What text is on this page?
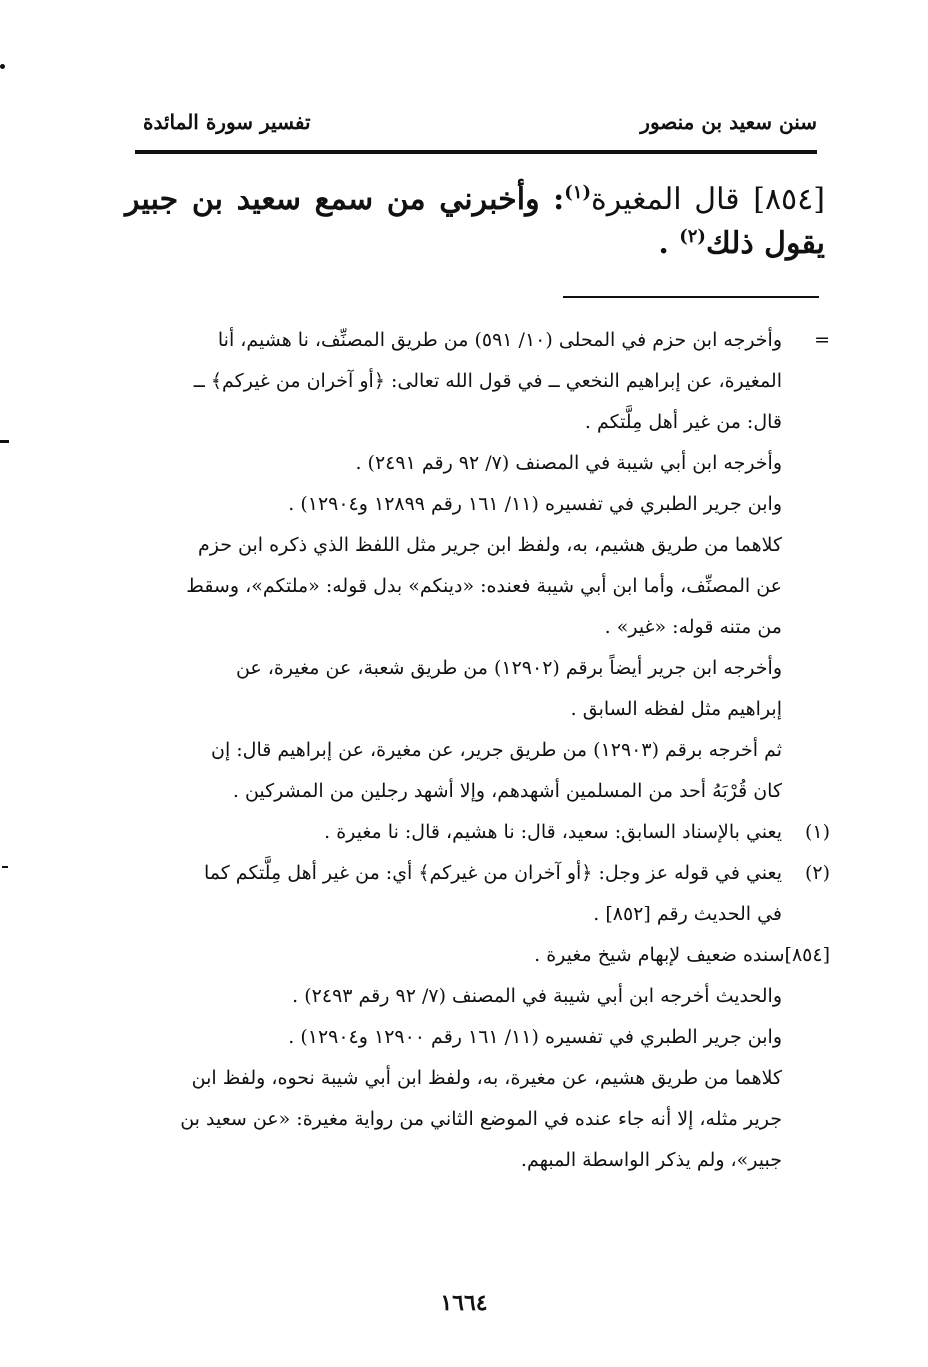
سنن سعيد بن منصور
تفسير سورة المائدة
[٨٥٤] قال المغيرة$^{(١)}$: وأخبرني من سمع سعيد بن جبير يقول ذلك$^{(٢)}$ .
=
وأخرجه ابن حزم في المحلى (١٠/ ٥٩١) من طريق المصنِّف، نا هشيم، أنا
المغيرة، عن إبراهيم النخعي ــ في قول الله تعالى: ﴿أو آخران من غيركم﴾ ــ
قال: من غير أهل مِلَّتكم .
وأخرجه ابن أبي شيبة في المصنف (٧/ ٩٢ رقم ٢٤٩١) .
وابن جرير الطبري في تفسيره (١١/ ١٦١ رقم ١٢٨٩٩ و١٢٩٠٤) .
كلاهما من طريق هشيم، به، ولفظ ابن جرير مثل اللفظ الذي ذكره ابن حزم
عن المصنِّف، وأما ابن أبي شيبة فعنده: «دينكم» بدل قوله: «ملتكم»، وسقط
من متنه قوله: «غير» .
وأخرجه ابن جرير أيضاً برقم (١٢٩٠٢) من طريق شعبة، عن مغيرة، عن
إبراهيم مثل لفظه السابق .
ثم أخرجه برقم (١٢٩٠٣) من طريق جرير، عن مغيرة، عن إبراهيم قال: إن
كان قُرْبَهُ أحد من المسلمين أشهدهم، وإلا أشهد رجلين من المشركين .
(١)يعني بالإسناد السابق: سعيد، قال: نا هشيم، قال: نا مغيرة .
(٢)يعني في قوله عز وجل: ﴿أو آخران من غيركم﴾ أي: من غير أهل مِلَّتكم كما
في الحديث رقم [٨٥٢] .
[٨٥٤]سنده ضعيف لإبهام شيخ مغيرة .
والحديث أخرجه ابن أبي شيبة في المصنف (٧/ ٩٢ رقم ٢٤٩٣) .
وابن جرير الطبري في تفسيره (١١/ ١٦١ رقم ١٢٩٠٠ و١٢٩٠٤) .
كلاهما من طريق هشيم، عن مغيرة، به، ولفظ ابن أبي شيبة نحوه، ولفظ ابن
جرير مثله، إلا أنه جاء عنده في الموضع الثاني من رواية مغيرة: «عن سعيد بن
جبير»، ولم يذكر الواسطة المبهم.
١٦٦٤
